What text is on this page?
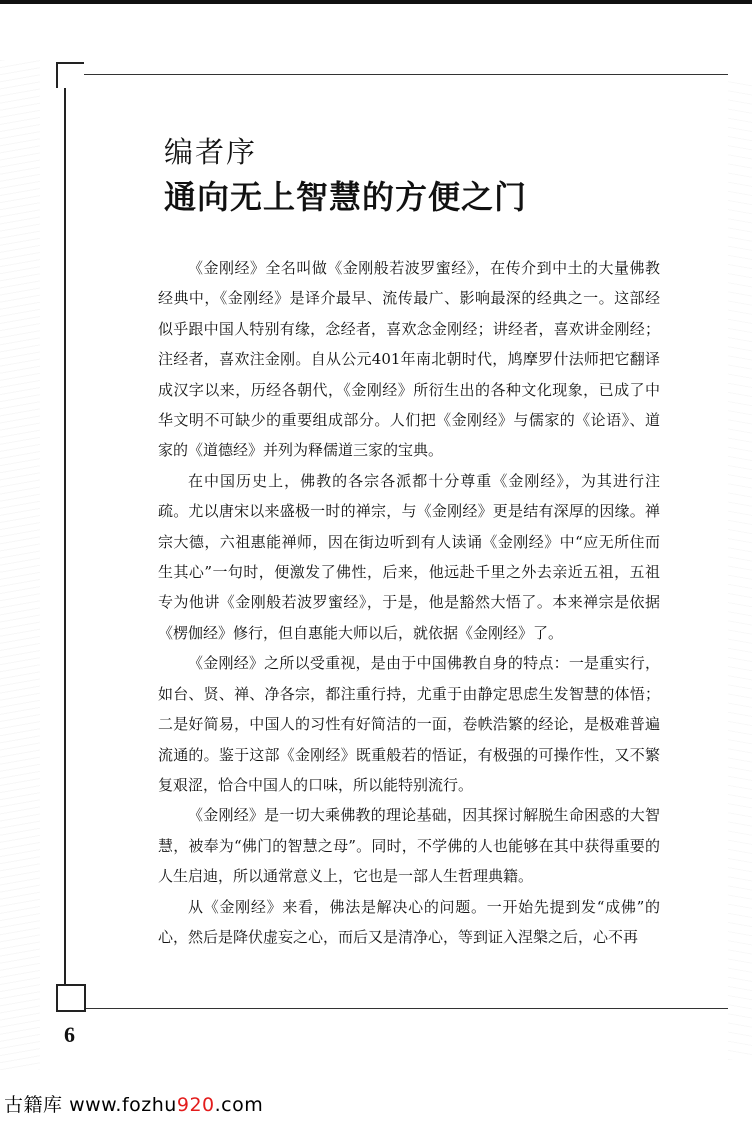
编者序
通向无上智慧的方便之门

《金刚经》全名叫做《金刚般若波罗蜜经》，在传介到中土的大量佛教经典中，《金刚经》是译介最早、流传最广、影响最深的经典之一。这部经似乎跟中国人特别有缘，念经者，喜欢念金刚经；讲经者，喜欢讲金刚经；注经者，喜欢注金刚。自从公元401年南北朝时代，鸠摩罗什法师把它翻译成汉字以来，历经各朝代，《金刚经》所衍生出的各种文化现象，已成了中华文明不可缺少的重要组成部分。人们把《金刚经》与儒家的《论语》、道家的《道德经》并列为释儒道三家的宝典。

在中国历史上，佛教的各宗各派都十分尊重《金刚经》，为其进行注疏。尤以唐宋以来盛极一时的禅宗，与《金刚经》更是结有深厚的因缘。禅宗大德，六祖惠能禅师，因在街边听到有人读诵《金刚经》中“应无所住而生其心”一句时，便激发了佛性，后来，他远赴千里之外去亲近五祖，五祖专为他讲《金刚般若波罗蜜经》，于是，他是豁然大悟了。本来禅宗是依据《楞伽经》修行，但自惠能大师以后，就依据《金刚经》了。

《金刚经》之所以受重视，是由于中国佛教自身的特点：一是重实行，如台、贤、禅、净各宗，都注重行持，尤重于由静定思虑生发智慧的体悟；二是好简易，中国人的习性有好简洁的一面，卷帙浩繁的经论，是极难普遍流通的。鉴于这部《金刚经》既重般若的悟证，有极强的可操作性，又不繁复艰涩，恰合中国人的口味，所以能特别流行。

《金刚经》是一切大乘佛教的理论基础，因其探讨解脱生命困惑的大智慧，被奉为“佛门的智慧之母”。同时，不学佛的人也能够在其中获得重要的人生启迪，所以通常意义上，它也是一部人生哲理典籍。

从《金刚经》来看，佛法是解决心的问题。一开始先提到发“成佛”的心，然后是降伏虚妄之心，而后又是清净心，等到证入涅槃之后，心不再

6
古籍库 www.fozhu920.com
